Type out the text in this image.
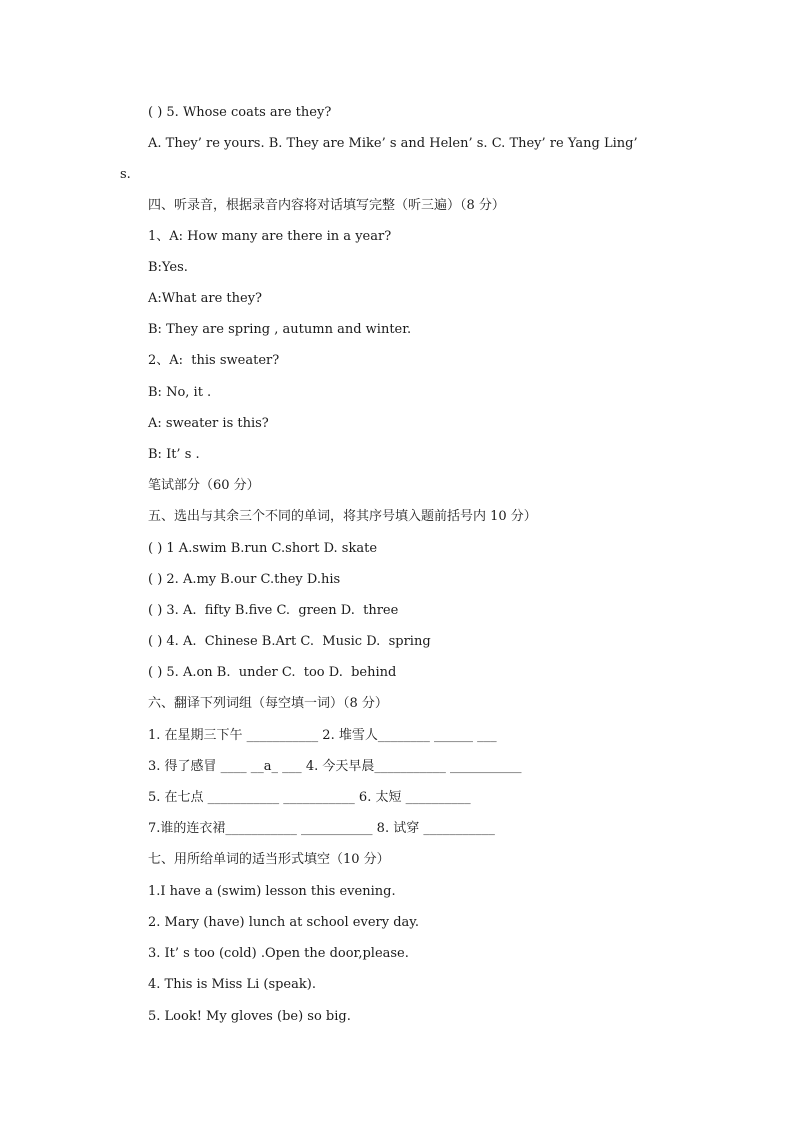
( ) 5. Whose coats are they?
A. They’ re yours. B. They are Mike’ s and Helen’ s. C. They’ re Yang Ling’
s.
四、听录音，根据录音内容将对话填写完整（听三遍）（8 分）
1、A: How many are there in a year?
B:Yes.
A:What are they?
B: They are spring , autumn and winter.
2、A:  this sweater?
B: No, it .
A: sweater is this?
B: It’ s .
笔试部分（60 分）
五、选出与其余三个不同的单词，将其序号填入题前括号内 10 分）
( ) 1 A.swim B.run C.short D. skate
( ) 2. A.my B.our C.they D.his
( ) 3. A.  fifty B.five C.  green D.  three
( ) 4. A.  Chinese B.Art C.  Music D.  spring
( ) 5. A.on B.  under C.  too D.  behind
六、翻译下列词组（每空填一词）（8 分）
1. 在星期三下午 ___________ 2. 堆雪人________ ______ ___
3. 得了感冒 ____ __a_ ___ 4. 今天早晨___________ ___________
5. 在七点 ___________ ___________ 6. 太短 __________
7.谁的连衣裙___________ ___________ 8. 试穿 ___________
七、用所给单词的适当形式填空（10 分）
1.I have a (swim) lesson this evening.
2. Mary (have) lunch at school every day.
3. It’ s too (cold) .Open the door,please.
4. This is Miss Li (speak).
5. Look! My gloves (be) so big.
